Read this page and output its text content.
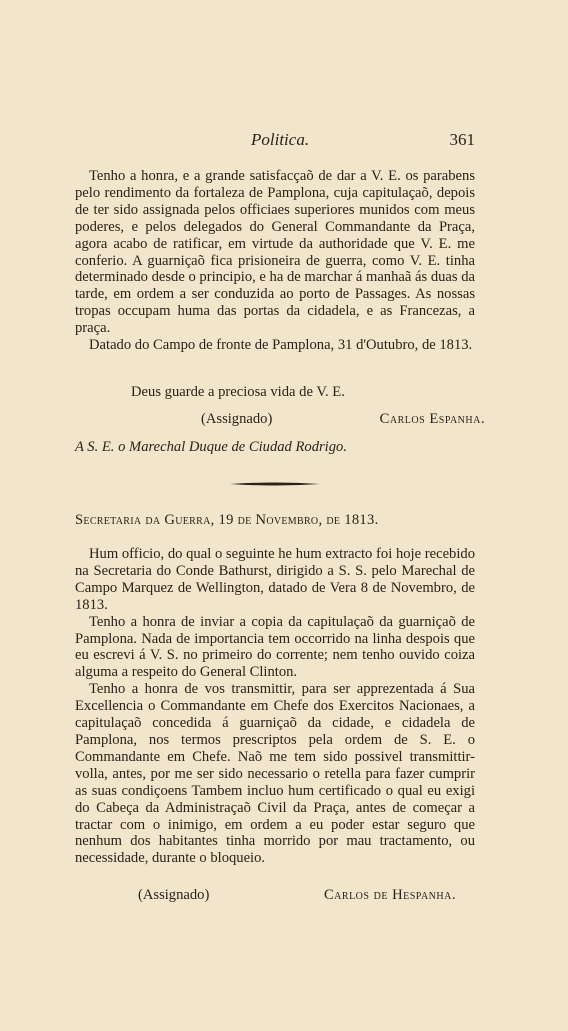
Politica.	361

Tenho a honra, e a grande satisfacçaõ de dar a V. E. os parabens pelo rendimento da fortaleza de Pamplona, cuja capitulaçaõ, depois de ter sido assignada pelos officiaes superiores munidos com meus poderes, e pelos delegados do General Commandante da Praça, agora acabo de ratificar, em virtude da authoridade que V. E. me conferio. A guarniçaõ fica prisioneira de guerra, como V. E. tinha determinado desde o principio, e ha de marchar á manhaã ás duas da tarde, em ordem a ser conduzida ao porto de Passages. As nossas tropas occupam huma das portas da cidadela, e as Francezas, a praça.

Datado do Campo de fronte de Pamplona, 31 d'Outubro, de 1813.

Deus guarde a preciosa vida de V. E.
(Assignado)	Carlos Espanha.
A S. E. o Marechal Duque de Ciudad Rodrigo.
Secretaria da Guerra, 19 de Novembro, de 1813.

Hum officio, do qual o seguinte he hum extracto foi hoje recebido na Secretaria do Conde Bathurst, dirigido a S. S. pelo Marechal de Campo Marquez de Wellington, datado de Vera 8 de Novembro, de 1813.

Tenho a honra de inviar a copia da capitulaçaõ da guarniçaõ de Pamplona. Nada de importancia tem occorrido na linha despois que eu escrevi á V. S. no primeiro do corrente; nem tenho ouvido coiza alguma a respeito do General Clinton.

Tenho a honra de vos transmittir, para ser apprezentada á Sua Excellencia o Commandante em Chefe dos Exercitos Nacionaes, a capitulaçaõ concedida á guarniçaõ da cidade, e cidadela de Pamplona, nos termos prescriptos pela ordem de S. E. o Commandante em Chefe. Naõ me tem sido possivel transmittir-volla, antes, por me ser sido necessario o retella para fazer cumprir as suas condiçoens Tambem incluo hum certificado o qual eu exigi do Cabeça da Administraçaõ Civil da Praça, antes de começar a tractar com o inimigo, em ordem a eu poder estar seguro que nenhum dos habitantes tinha morrido por mau tractamento, ou necessidade, durante o bloqueio.

(Assignado)	Carlos de Hespanha.
